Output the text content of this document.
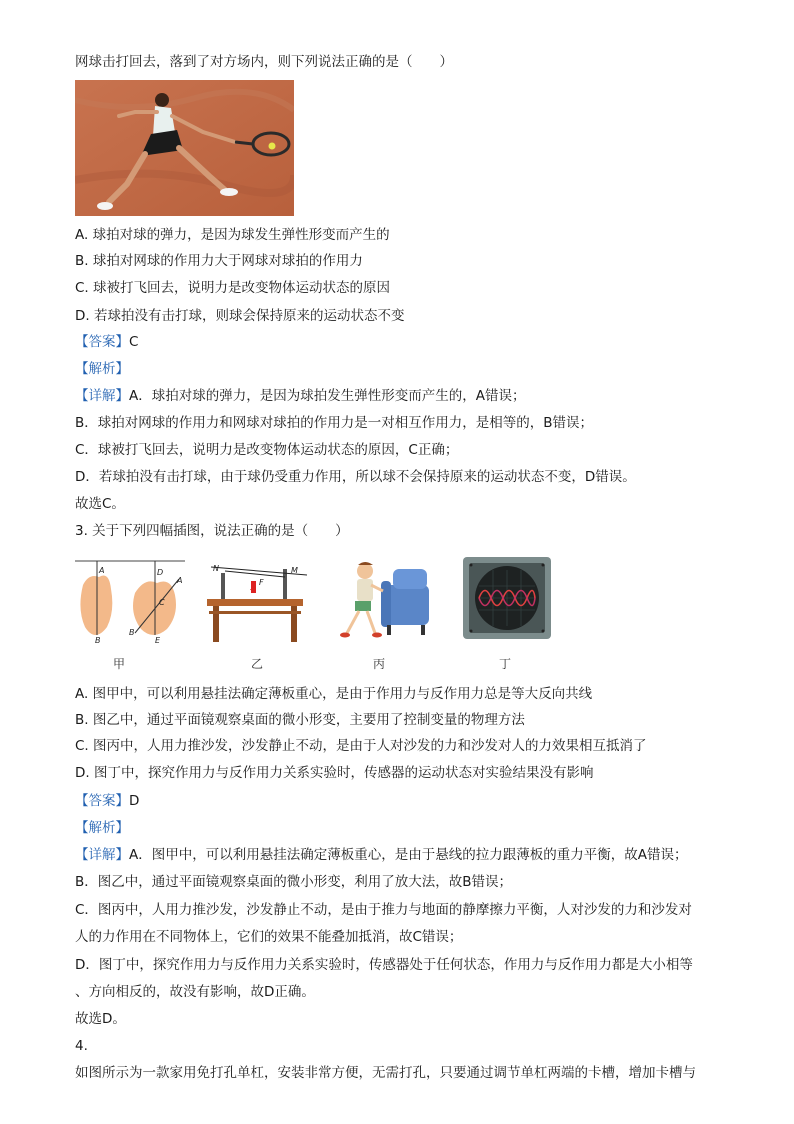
网球击打回去，落到了对方场内，则下列说法正确的是（　　）
A. 球拍对球的弹力，是因为球发生弹性形变而产生的
B. 球拍对网球的作用力大于网球对球拍的作用力
C. 球被打飞回去，说明力是改变物体运动状态的原因
D. 若球拍没有击打球，则球会保持原来的运动状态不变
【答案】C
【解析】
【详解】A．球拍对球的弹力，是因为球拍发生弹性形变而产生的，A错误；
B．球拍对网球的作用力和网球对球拍的作用力是一对相互作用力，是相等的，B错误；
C．球被打飞回去，说明力是改变物体运动状态的原因，C正确；
D．若球拍没有击打球，由于球仍受重力作用，所以球不会保持原来的运动状态不变，D错误。
故选C。
3. 关于下列四幅插图，说法正确的是（　　）
A
B
D
C
B
E
A
N	M
F
甲	乙	丙	丁
A. 图甲中，可以利用悬挂法确定薄板重心，是由于作用力与反作用力总是等大反向共线
B. 图乙中，通过平面镜观察桌面的微小形变，主要用了控制变量的物理方法
C. 图丙中，人用力推沙发，沙发静止不动，是由于人对沙发的力和沙发对人的力效果相互抵消了
D. 图丁中，探究作用力与反作用力关系实验时，传感器的运动状态对实验结果没有影响
【答案】D
【解析】
【详解】A．图甲中，可以利用悬挂法确定薄板重心，是由于悬线的拉力跟薄板的重力平衡，故A错误；
B．图乙中，通过平面镜观察桌面的微小形变，利用了放大法，故B错误；
C．图丙中，人用力推沙发，沙发静止不动，是由于推力与地面的静摩擦力平衡，人对沙发的力和沙发对
人的力作用在不同物体上，它们的效果不能叠加抵消，故C错误；
D．图丁中，探究作用力与反作用力关系实验时，传感器处于任何状态，作用力与反作用力都是大小相等
、方向相反的，故没有影响，故D正确。
故选D。
4.
如图所示为一款家用免打孔单杠，安装非常方便，无需打孔，只要通过调节单杠两端的卡槽，增加卡槽与
